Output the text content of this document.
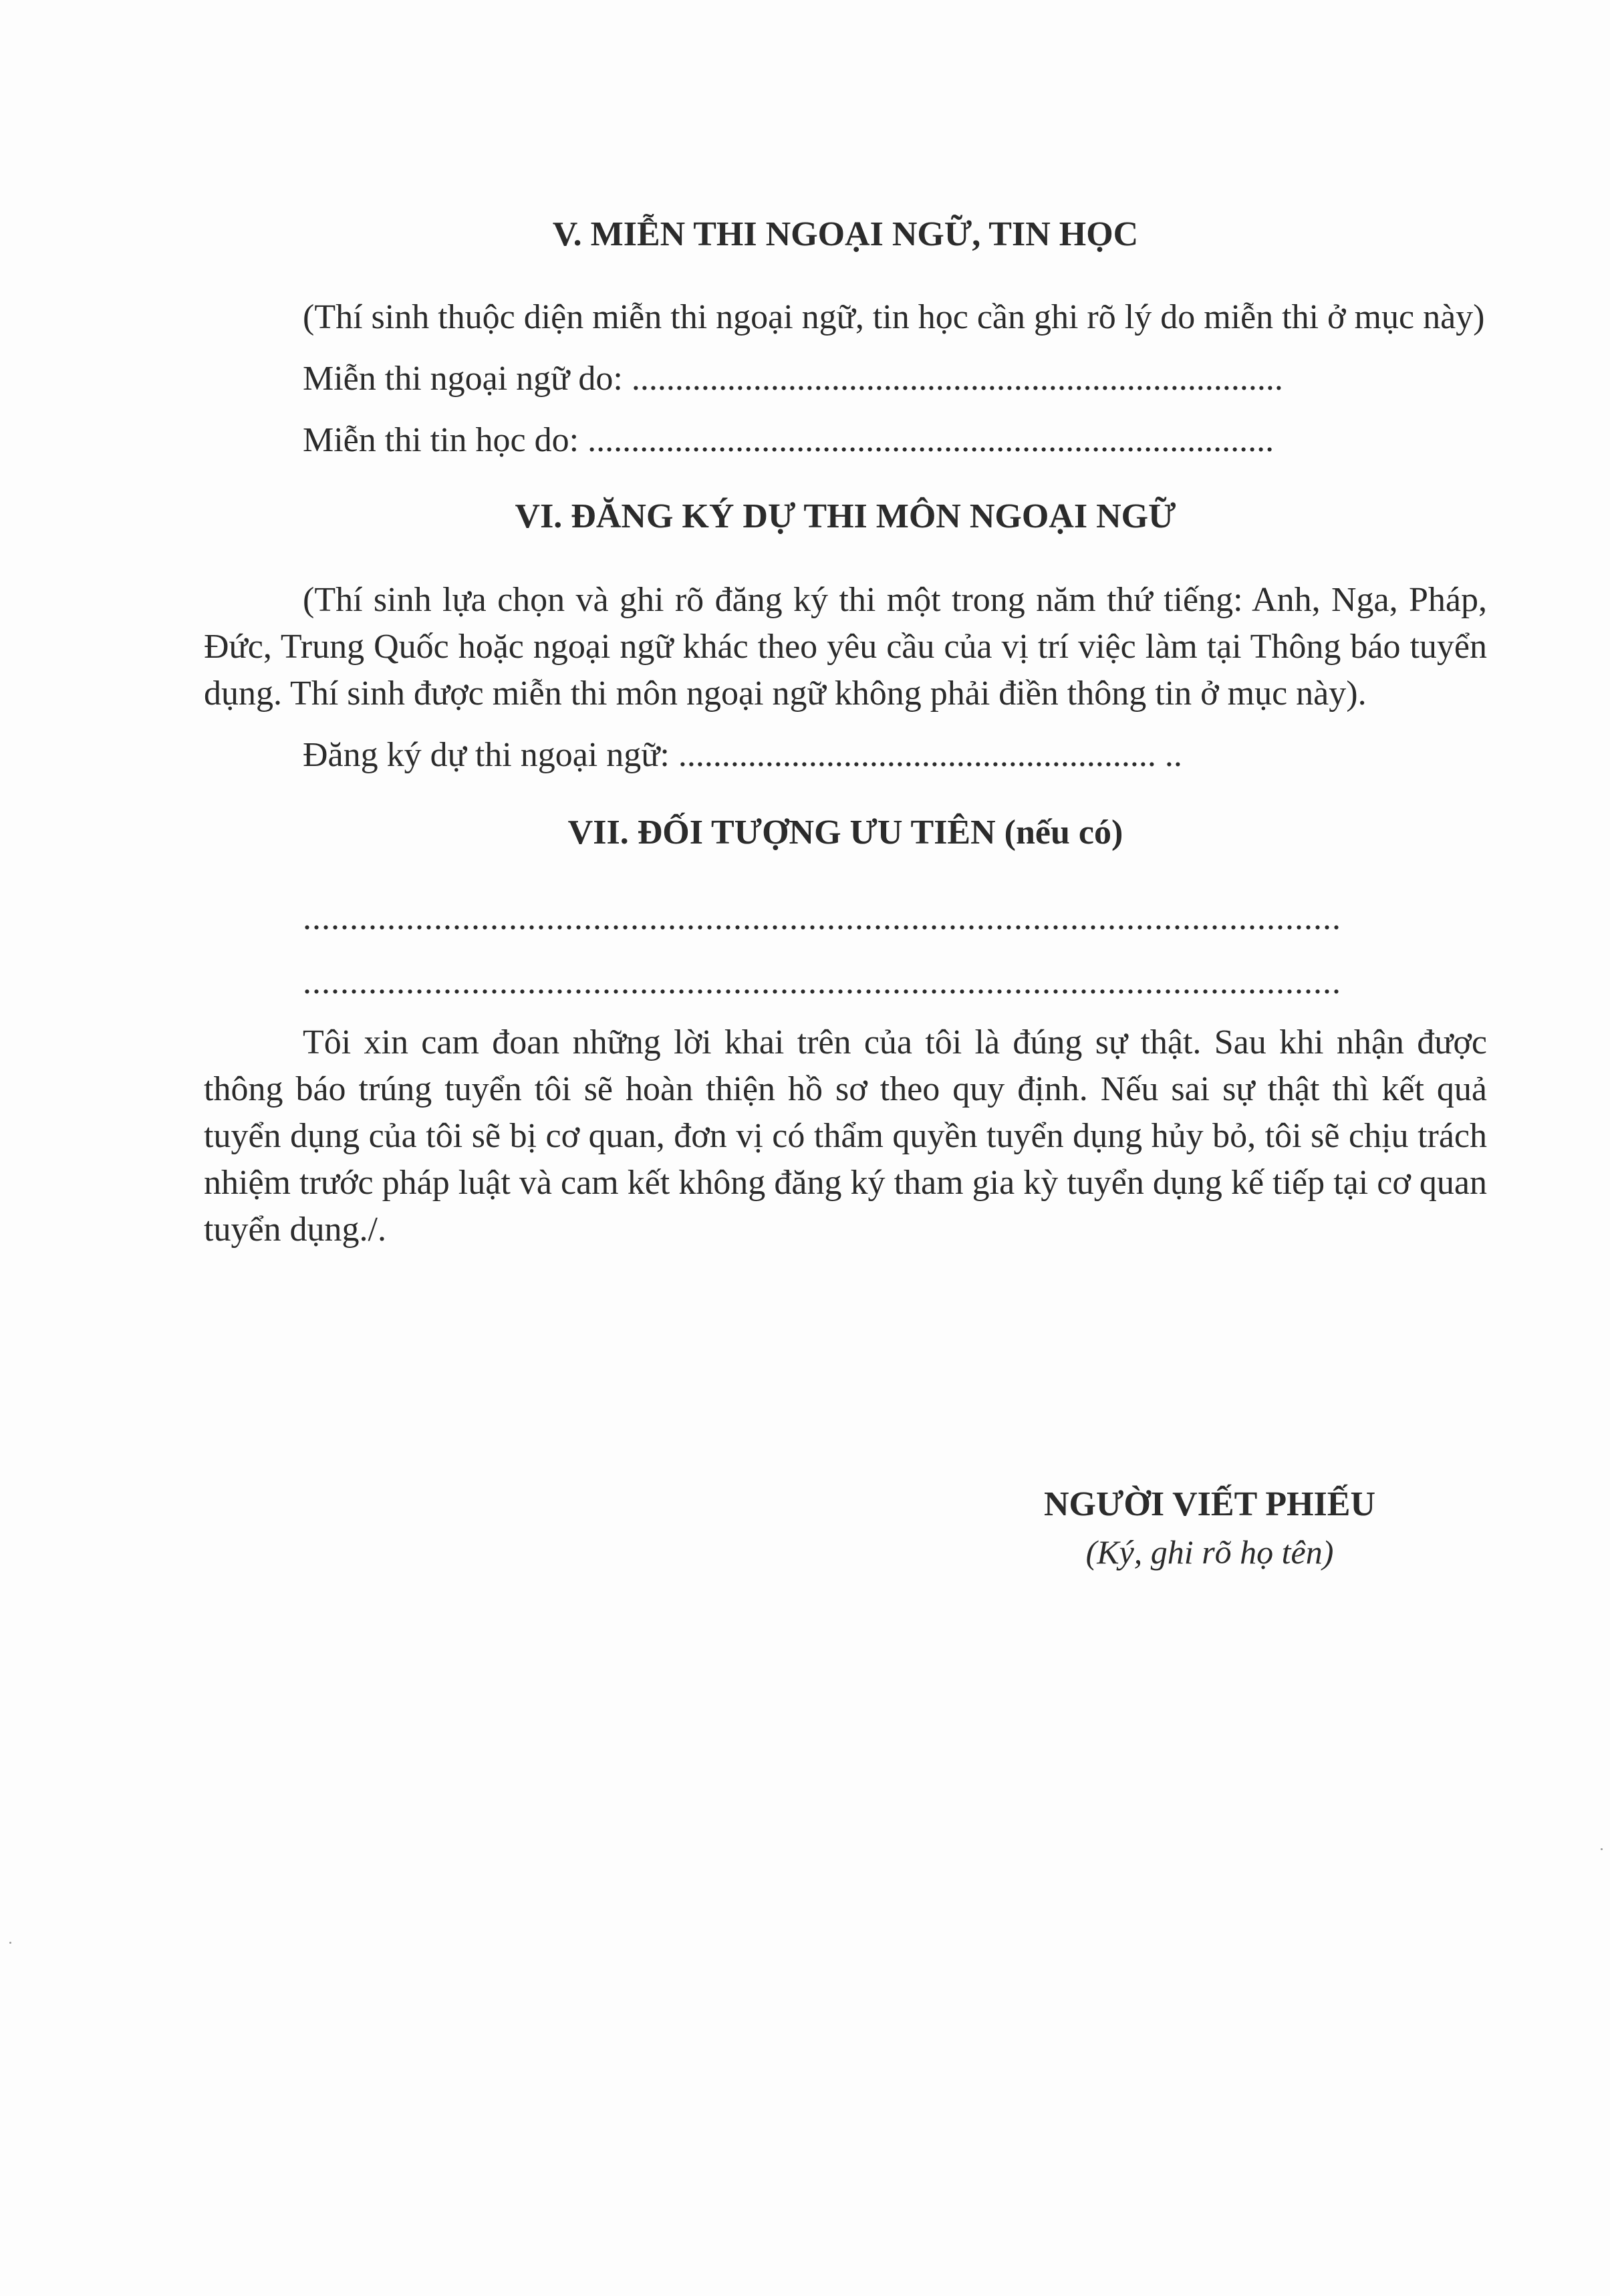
V. MIỄN THI NGOẠI NGỮ, TIN HỌC

(Thí sinh thuộc diện miễn thi ngoại ngữ, tin học cần ghi rõ lý do miễn thi ở mục này)

Miễn thi ngoại ngữ do: ...........................................................................

Miễn thi tin học do: ...............................................................................

VI. ĐĂNG KÝ DỰ THI MÔN NGOẠI NGỮ

(Thí sinh lựa chọn và ghi rõ đăng ký thi một trong năm thứ tiếng: Anh, Nga, Pháp, Đức, Trung Quốc hoặc ngoại ngữ khác theo yêu cầu của vị trí việc làm tại Thông báo tuyển dụng. Thí sinh được miễn thi môn ngoại ngữ không phải điền thông tin ở mục này).

Đăng ký dự thi ngoại ngữ: ....................................................... ..

VII. ĐỐI TƯỢNG ƯU TIÊN (nếu có)

...............................................................................................................

...............................................................................................................

Tôi xin cam đoan những lời khai trên của tôi là đúng sự thật. Sau khi nhận được thông báo trúng tuyển tôi sẽ hoàn thiện hồ sơ theo quy định. Nếu sai sự thật thì kết quả tuyển dụng của tôi sẽ bị cơ quan, đơn vị có thẩm quyền tuyển dụng hủy bỏ, tôi sẽ chịu trách nhiệm trước pháp luật và cam kết không đăng ký tham gia kỳ tuyển dụng kế tiếp tại cơ quan tuyển dụng./.

NGƯỜI VIẾT PHIẾU

(Ký, ghi rõ họ tên)
